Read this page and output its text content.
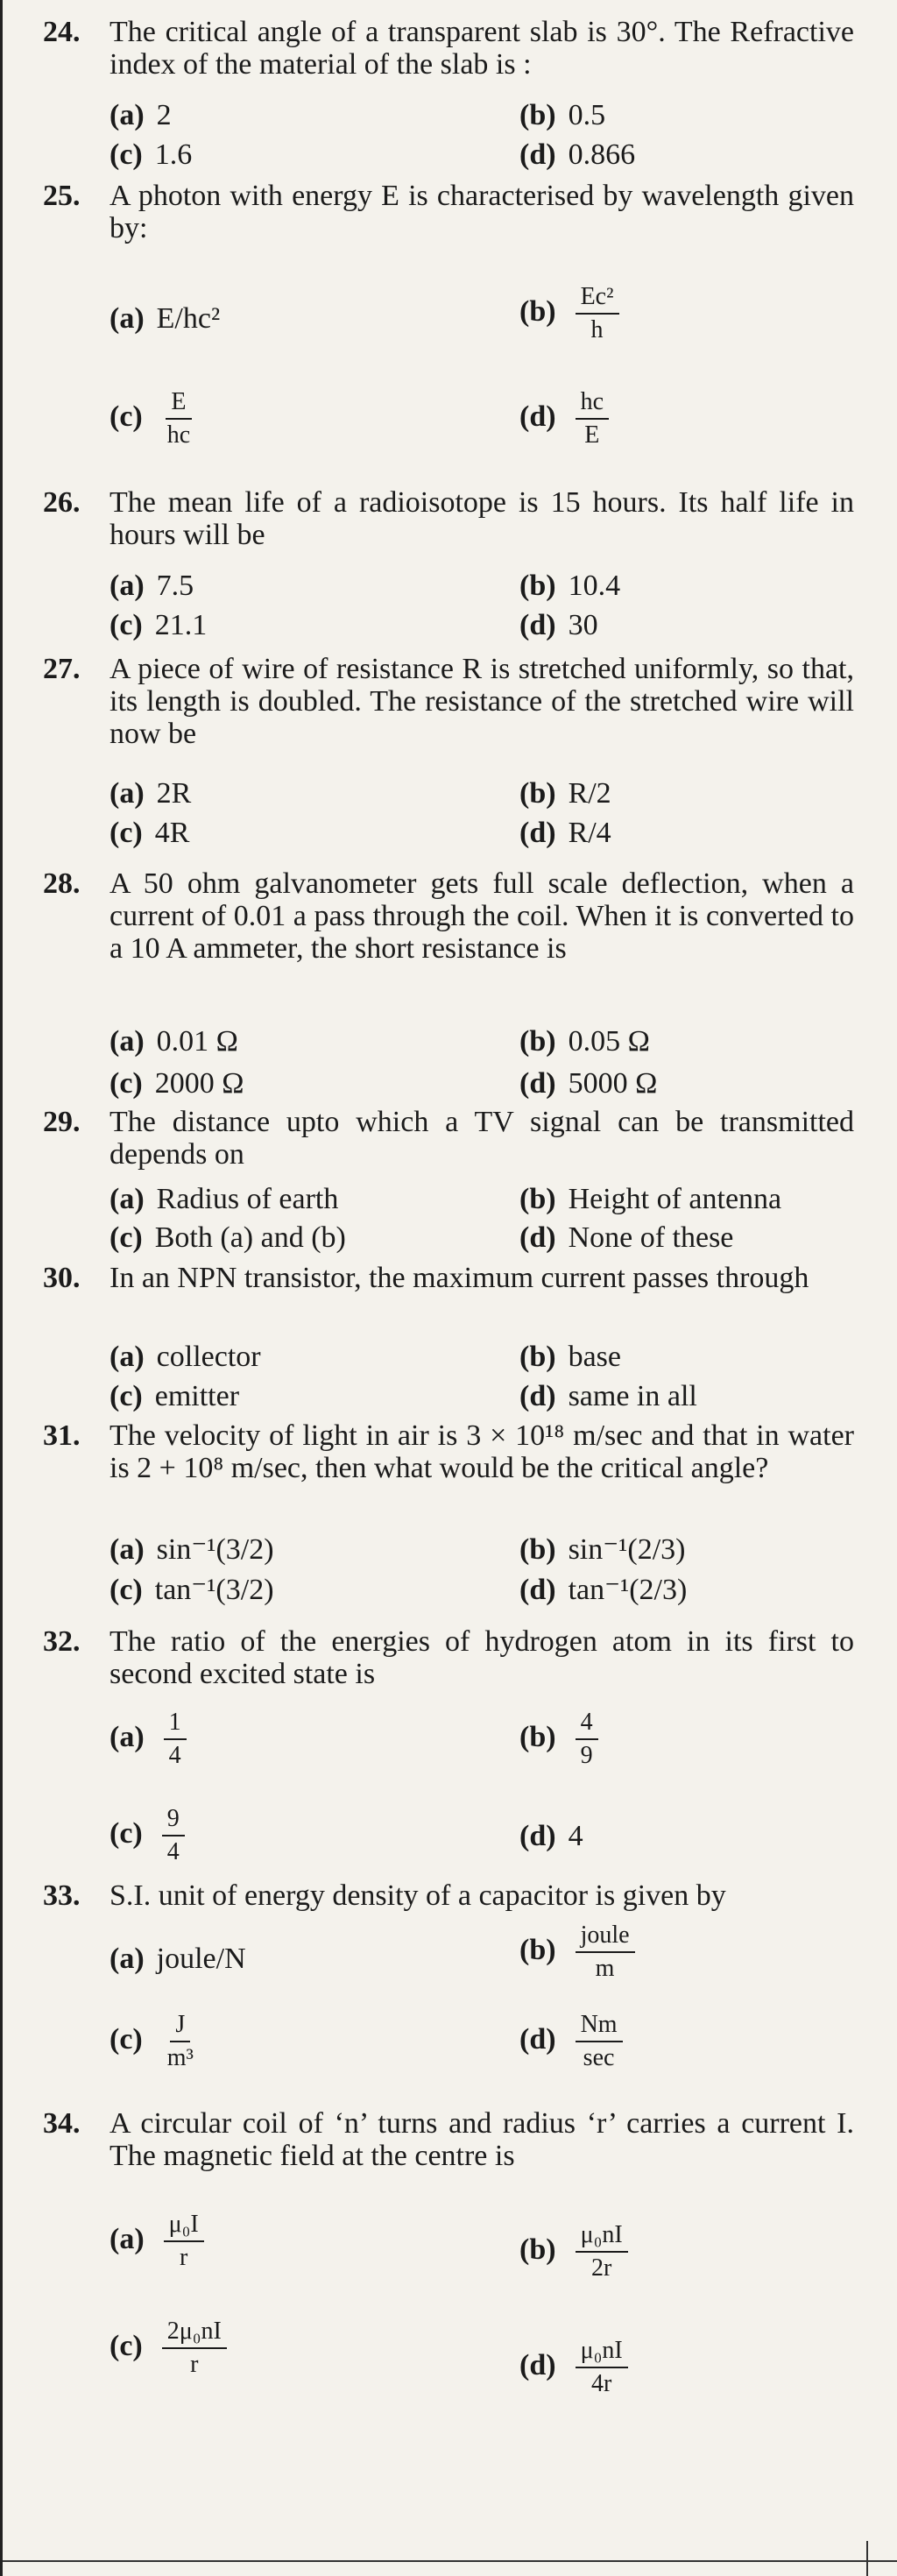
24. The critical angle of a transparent slab is 30°. The Refractive index of the material of the slab is :
(a) 2	(b) 0.5
(c) 1.6	(d) 0.866
25. A photon with energy E is characterised by wavelength given by:
(a) E/hc²	$(b) \frac{\text{Ec²}}{h}$
$(c) \frac{E}{hc}$	$(d) \frac{hc}{E}$
26. The mean life of a radioisotope is 15 hours. Its half life in hours will be
(a) 7.5	(b) 10.4
(c) 21.1	(d) 30
27. A piece of wire of resistance R is stretched uniformly, so that, its length is doubled. The resistance of the stretched wire will now be
(a) 2R	(b) R/2
(c) 4R	(d) R/4
28. A 50 ohm galvanometer gets full scale deflection, when a current of 0.01 a pass through the coil. When it is converted to a 10 A ammeter, the short resistance is
(a) 0.01 Ω	(b) 0.05 Ω
(c) 2000 Ω	(d) 5000 Ω
29. The distance upto which a TV signal can be transmitted depends on
(a) Radius of earth	(b) Height of antenna
(c) Both (a) and (b)	(d) None of these
30. In an NPN transistor, the maximum current passes through
(a) collector	(b) base
(c) emitter	(d) same in all
31. The velocity of light in air is 3 × 10¹⁸ m/sec and that in water is 2 + 10⁸ m/sec, then what would be the critical angle?
(a) sin⁻¹(3/2)	(b) sin⁻¹(2/3)
(c) tan⁻¹(3/2)	(d) tan⁻¹(2/3)
32. The ratio of the energies of hydrogen atom in its first to second excited state is
$(a) \frac{1}{4}$	$(b) \frac{4}{9}$
$(c) \frac{9}{4}$	(d) 4
33. S.I. unit of energy density of a capacitor is given by
(a) joule/N	$(b) \frac{\text{joule}}{m}$
$(c) \frac{J}{\text{m³}}$	$(d) \frac{Nm}{\sec}$
34. A circular coil of ‘n’ turns and radius ‘r’ carries a current I. The magnetic field at the centre is
$(a) \frac{\text{μ₀I}}{r}$	$(b) \frac{\text{μ₀nI}}{2r}$
$(c) \frac{\text{2μ₀nI}}{r}$	$(d) \frac{\text{μ₀nI}}{4r}$
